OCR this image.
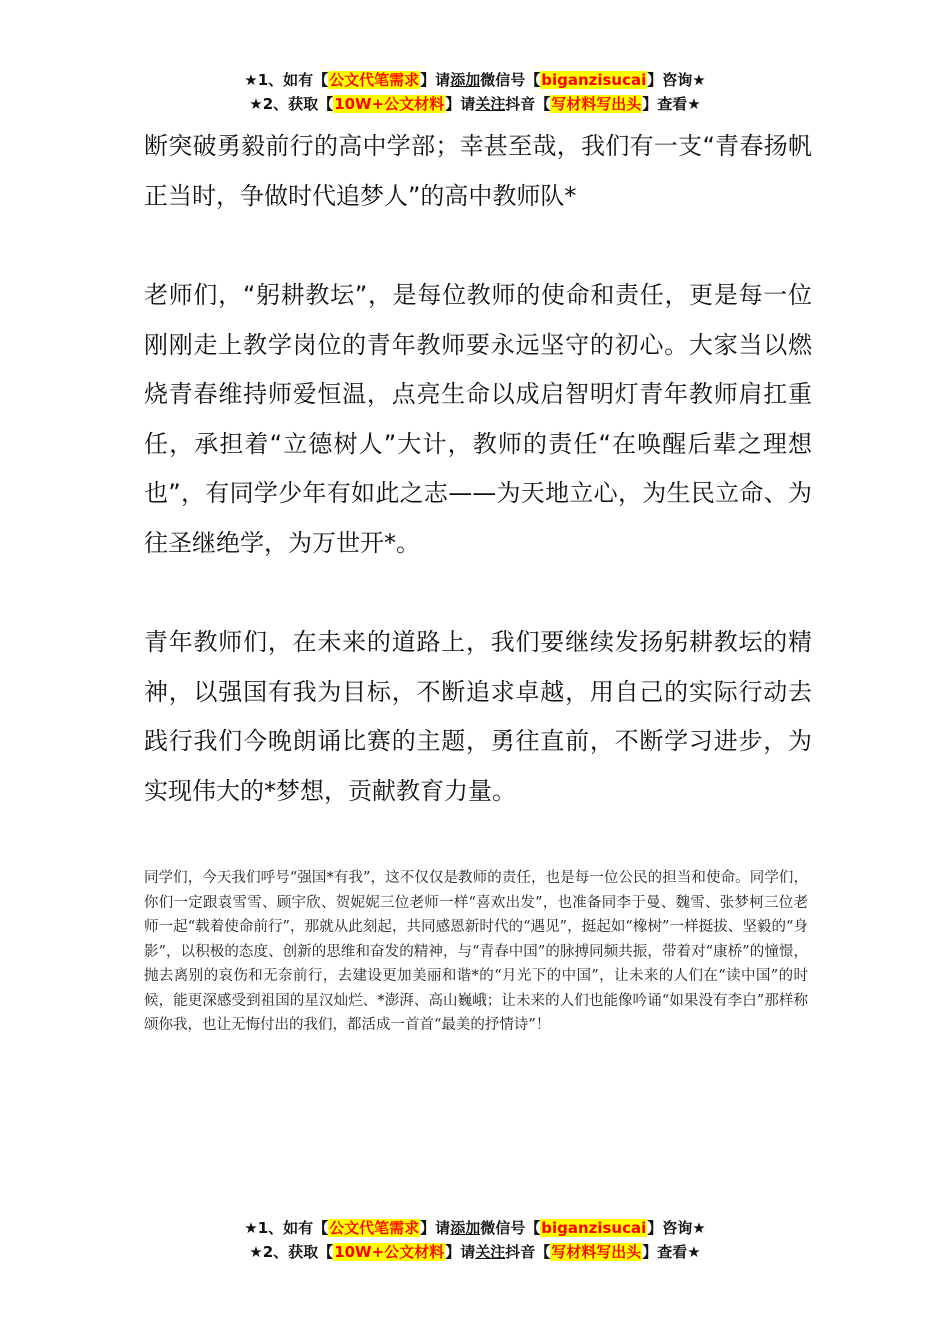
★1、如有【公文代笔需求】请添加微信号【biganzisucai】咨询★
★2、获取【10W+公文材料】请关注抖音【写材料写出头】查看★

断突破勇毅前行的高中学部；幸甚至哉，我们有一支“青春扬帆正当时，争做时代追梦人”的高中教师队*

老师们，“躬耕教坛”，是每位教师的使命和责任，更是每一位刚刚走上教学岗位的青年教师要永远坚守的初心。大家当以燃烧青春维持师爱恒温，点亮生命以成启智明灯青年教师肩扛重任，承担着“立德树人”大计，教师的责任“在唤醒后辈之理想也”，有同学少年有如此之志——为天地立心，为生民立命、为往圣继绝学，为万世开*。

青年教师们，在未来的道路上，我们要继续发扬躬耕教坛的精神，以强国有我为目标，不断追求卓越，用自己的实际行动去践行我们今晚朗诵比赛的主题，勇往直前，不断学习进步，为实现伟大的*梦想，贡献教育力量。

同学们，今天我们呼号“强国*有我”，这不仅仅是教师的责任，也是每一位公民的担当和使命。同学们，你们一定跟袁雪雪、顾宇欣、贺妮妮三位老师一样“喜欢出发”，也准备同李于曼、魏雪、张梦柯三位老师一起“载着使命前行”，那就从此刻起，共同感恩新时代的“遇见”，挺起如“橡树”一样挺拔、坚毅的“身影”，以积极的态度、创新的思维和奋发的精神，与“青春中国”的脉搏同频共振，带着对“康桥”的憧憬，抛去离别的哀伤和无奈前行，去建设更加美丽和谐*的“月光下的中国”，让未来的人们在“读中国”的时候，能更深感受到祖国的星汉灿烂、*澎湃、高山巍峨；让未来的人们也能像吟诵“如果没有李白”那样称颂你我，也让无悔付出的我们，都活成一首首“最美的抒情诗”！

★1、如有【公文代笔需求】请添加微信号【biganzisucai】咨询★
★2、获取【10W+公文材料】请关注抖音【写材料写出头】查看★
